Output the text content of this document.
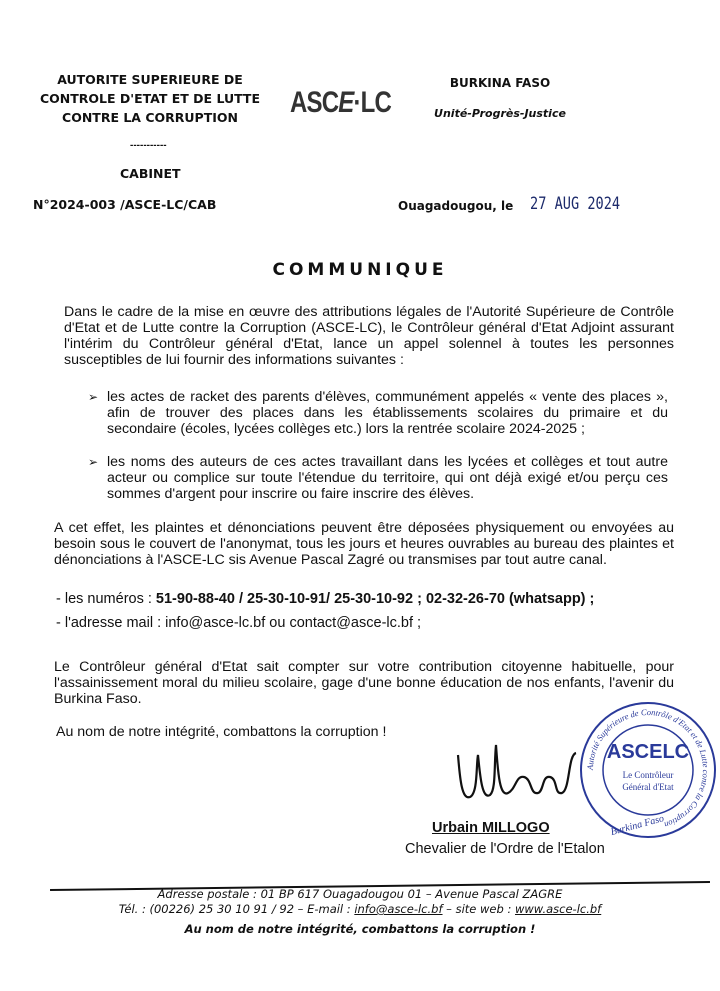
AUTORITE SUPERIEURE DE
CONTROLE D'ETAT ET DE LUTTE
CONTRE LA CORRUPTION	ASCE·LC
BURKINA FASO
Unité-Progrès-Justice
-----------
CABINET
N°2024-003 /ASCE-LC/CAB	Ouagadougou, le 27 AUG 2024
COMMUNIQUE
Dans le cadre de la mise en œuvre des attributions légales de l'Autorité Supérieure de Contrôle d'Etat et de Lutte contre la Corruption (ASCE-LC), le Contrôleur général d'Etat Adjoint assurant l'intérim du Contrôleur général d'Etat, lance un appel solennel à toutes les personnes susceptibles de lui fournir des informations suivantes :
➢ les actes de racket des parents d'élèves, communément appelés « vente des places », afin de trouver des places dans les établissements scolaires du primaire et du secondaire (écoles, lycées collèges etc.) lors la rentrée scolaire 2024-2025 ;
➢ les noms des auteurs de ces actes travaillant dans les lycées et collèges et tout autre acteur ou complice sur toute l'étendue du territoire, qui ont déjà exigé et/ou perçu ces sommes d'argent pour inscrire ou faire inscrire des élèves.
A cet effet, les plaintes et dénonciations peuvent être déposées physiquement ou envoyées au besoin sous le couvert de l'anonymat, tous les jours et heures ouvrables au bureau des plaintes et dénonciations à l'ASCE-LC sis Avenue Pascal Zagré ou transmises par tout autre canal.
- les numéros : 51-90-88-40 / 25-30-10-91/ 25-30-10-92 ; 02-32-26-70 (whatsapp) ;
- l'adresse mail : info@asce-lc.bf ou contact@asce-lc.bf ;
Le Contrôleur général d'Etat sait compter sur votre contribution citoyenne habituelle, pour l'assainissement moral du milieu scolaire, gage d'une bonne éducation de nos enfants, l'avenir du Burkina Faso.
Au nom de notre intégrité, combattons la corruption !
Autorité Supérieure de Contrôle d'Etat et de Lutte contre la Corruption
ASCELC
Le Contrôleur
Général d'Etat
Burkina Faso
Urbain MILLOGO
Chevalier de l'Ordre de l'Etalon
Adresse postale : 01 BP 617 Ouagadougou 01 – Avenue Pascal ZAGRE
Tél. : (00226) 25 30 10 91 / 92 – E-mail : info@asce-lc.bf – site web : www.asce-lc.bf
Au nom de notre intégrité, combattons la corruption !
